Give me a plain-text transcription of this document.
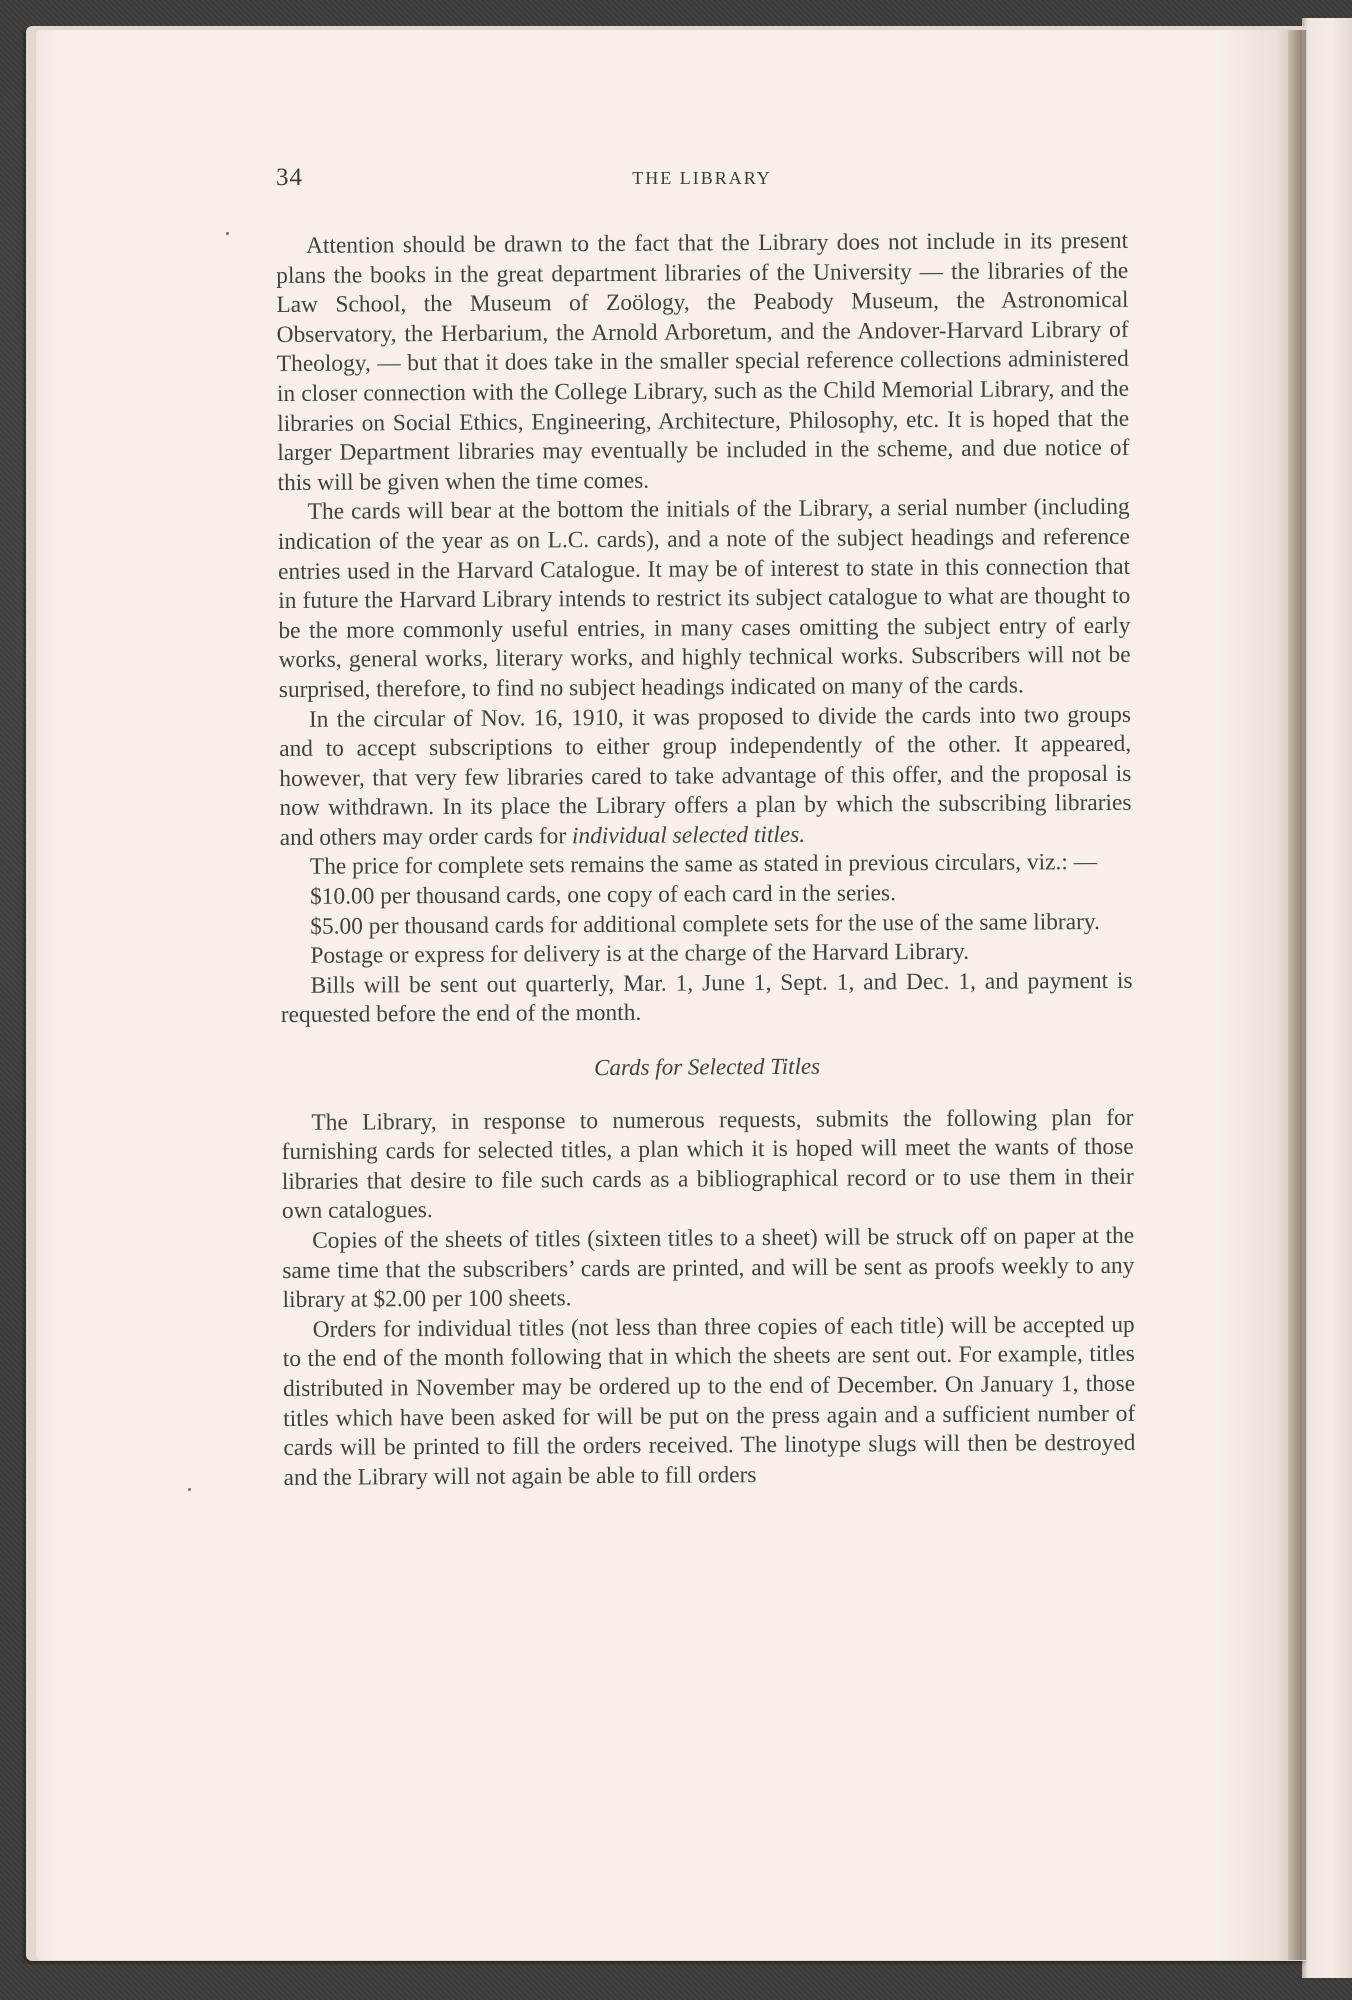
34	THE LIBRARY

Attention should be drawn to the fact that the Library does not include in its present plans the books in the great department libraries of the University — the libraries of the Law School, the Museum of Zoölogy, the Peabody Museum, the Astronomical Observatory, the Herbarium, the Arnold Arboretum, and the Andover-Harvard Library of Theology, — but that it does take in the smaller special reference collections administered in closer connection with the College Library, such as the Child Memorial Library, and the libraries on Social Ethics, Engineering, Architecture, Philosophy, etc. It is hoped that the larger Department libraries may eventually be included in the scheme, and due notice of this will be given when the time comes.

The cards will bear at the bottom the initials of the Library, a serial number (including indication of the year as on L.C. cards), and a note of the subject headings and reference entries used in the Harvard Catalogue. It may be of interest to state in this connection that in future the Harvard Library intends to restrict its subject catalogue to what are thought to be the more commonly useful entries, in many cases omitting the subject entry of early works, general works, literary works, and highly technical works. Subscribers will not be surprised, therefore, to find no subject headings indicated on many of the cards.

In the circular of Nov. 16, 1910, it was proposed to divide the cards into two groups and to accept subscriptions to either group independently of the other. It appeared, however, that very few libraries cared to take advantage of this offer, and the proposal is now withdrawn. In its place the Library offers a plan by which the subscribing libraries and others may order cards for individual selected titles.

The price for complete sets remains the same as stated in previous circulars, viz.: —

$10.00 per thousand cards, one copy of each card in the series.

$5.00 per thousand cards for additional complete sets for the use of the same library.

Postage or express for delivery is at the charge of the Harvard Library.

Bills will be sent out quarterly, Mar. 1, June 1, Sept. 1, and Dec. 1, and payment is requested before the end of the month.

Cards for Selected Titles

The Library, in response to numerous requests, submits the following plan for furnishing cards for selected titles, a plan which it is hoped will meet the wants of those libraries that desire to file such cards as a bibliographical record or to use them in their own catalogues.

Copies of the sheets of titles (sixteen titles to a sheet) will be struck off on paper at the same time that the subscribers’ cards are printed, and will be sent as proofs weekly to any library at $2.00 per 100 sheets.

Orders for individual titles (not less than three copies of each title) will be accepted up to the end of the month following that in which the sheets are sent out. For example, titles distributed in November may be ordered up to the end of December. On January 1, those titles which have been asked for will be put on the press again and a sufficient number of cards will be printed to fill the orders received. The linotype slugs will then be destroyed and the Library will not again be able to fill orders
